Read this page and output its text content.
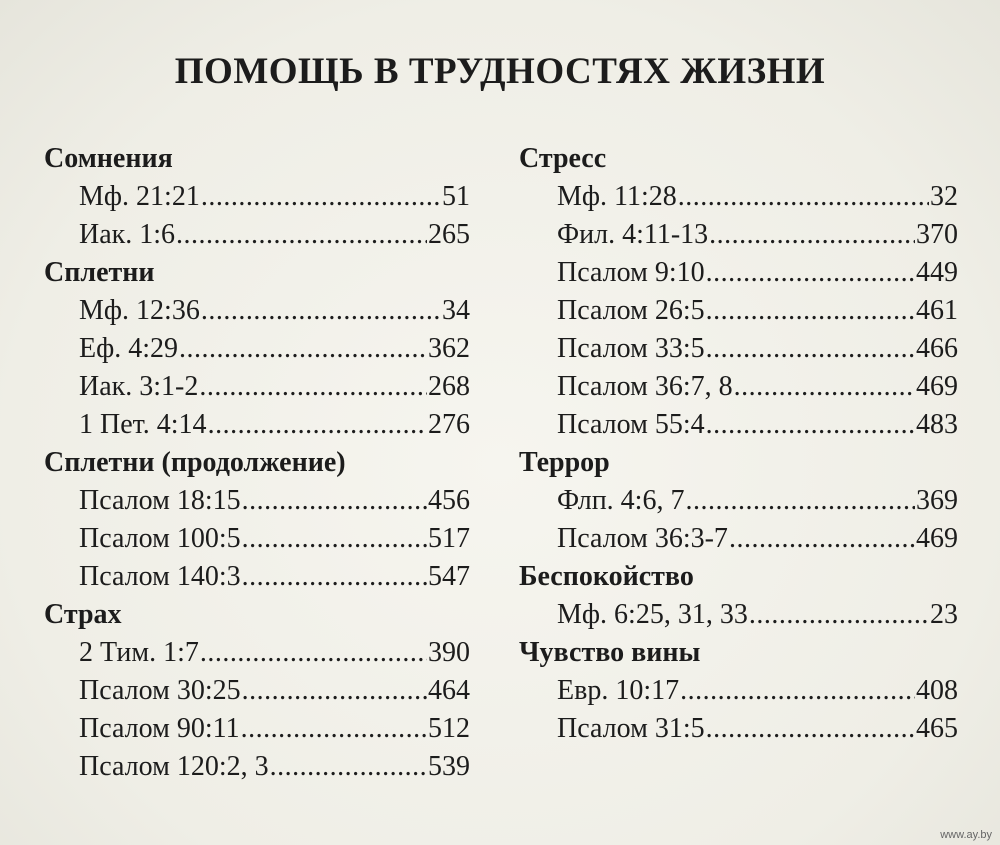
ПОМОЩЬ В ТРУДНОСТЯХ ЖИЗНИ
Сомнения
Мф. 21:21 .....	51
Иак. 1:6 .....	265
Сплетни
Мф. 12:36 .....	34
Еф. 4:29 .....	362
Иак. 3:1-2 .....	268
1 Пет. 4:14 .....	276
Сплетни (продолжение)
Псалом 18:15 .....	456
Псалом 100:5 .....	517
Псалом 140:3 .....	547
Страх
2 Тим. 1:7 .....	390
Псалом 30:25 .....	464
Псалом 90:11 .....	512
Псалом 120:2, 3 .....	539
Стресс
Мф. 11:28 .....	32
Фил. 4:11-13 .....	370
Псалом 9:10 .....	449
Псалом 26:5 .....	461
Псалом 33:5 .....	466
Псалом 36:7, 8 .....	469
Псалом 55:4 .....	483
Террор
Флп. 4:6, 7 .....	369
Псалом 36:3-7 .....	469
Беспокойство
Мф. 6:25, 31, 33 .....	23
Чувство вины
Евр. 10:17 .....	408
Псалом 31:5 .....	465
www.ay.by
